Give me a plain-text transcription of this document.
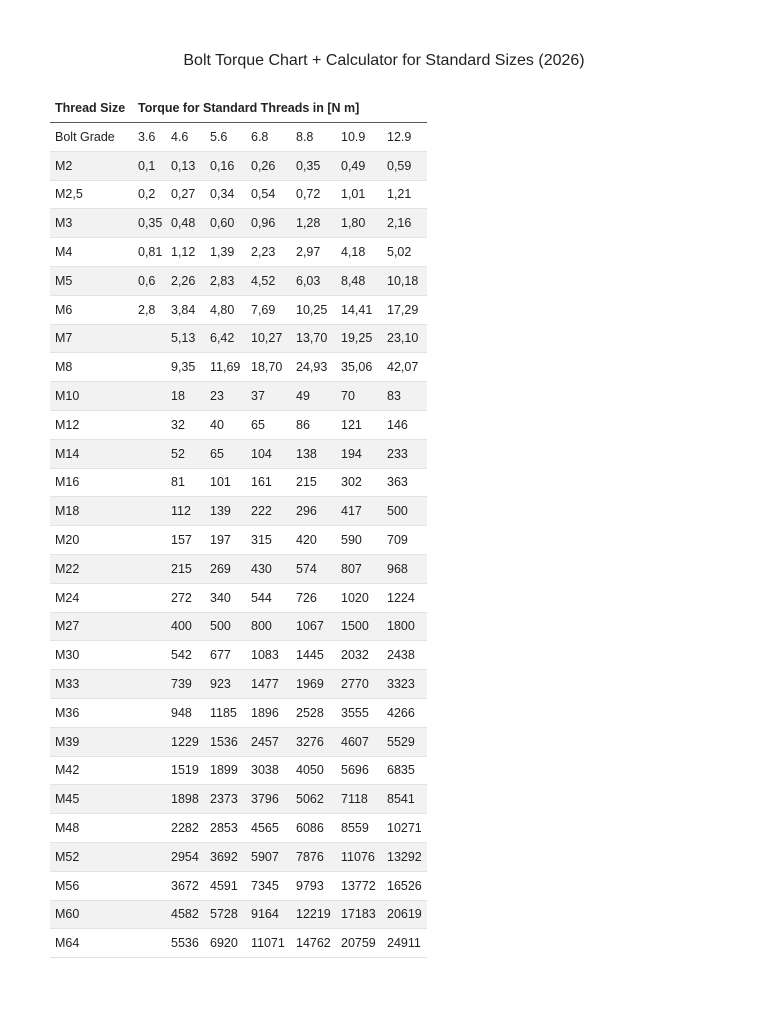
Bolt Torque Chart + Calculator for Standard Sizes (2026)
Thread Size	Torque for Standard Threads in [N m]						
Bolt Grade	3.6	4.6	5.6	6.8	8.8	10.9	12.9
M2	0,1	0,13	0,16	0,26	0,35	0,49	0,59
M2,5	0,2	0,27	0,34	0,54	0,72	1,01	1,21
M3	0,35	0,48	0,60	0,96	1,28	1,80	2,16
M4	0,81	1,12	1,39	2,23	2,97	4,18	5,02
M5	0,6	2,26	2,83	4,52	6,03	8,48	10,18
M6	2,8	3,84	4,80	7,69	10,25	14,41	17,29
M7		5,13	6,42	10,27	13,70	19,25	23,10
M8		9,35	11,69	18,70	24,93	35,06	42,07
M10		18	23	37	49	70	83
M12		32	40	65	86	121	146
M14		52	65	104	138	194	233
M16		81	101	161	215	302	363
M18		112	139	222	296	417	500
M20		157	197	315	420	590	709
M22		215	269	430	574	807	968
M24		272	340	544	726	1020	1224
M27		400	500	800	1067	1500	1800
M30		542	677	1083	1445	2032	2438
M33		739	923	1477	1969	2770	3323
M36		948	1185	1896	2528	3555	4266
M39		1229	1536	2457	3276	4607	5529
M42		1519	1899	3038	4050	5696	6835
M45		1898	2373	3796	5062	7118	8541
M48		2282	2853	4565	6086	8559	10271
M52		2954	3692	5907	7876	11076	13292
M56		3672	4591	7345	9793	13772	16526
M60		4582	5728	9164	12219	17183	20619
M64		5536	6920	11071	14762	20759	24911
